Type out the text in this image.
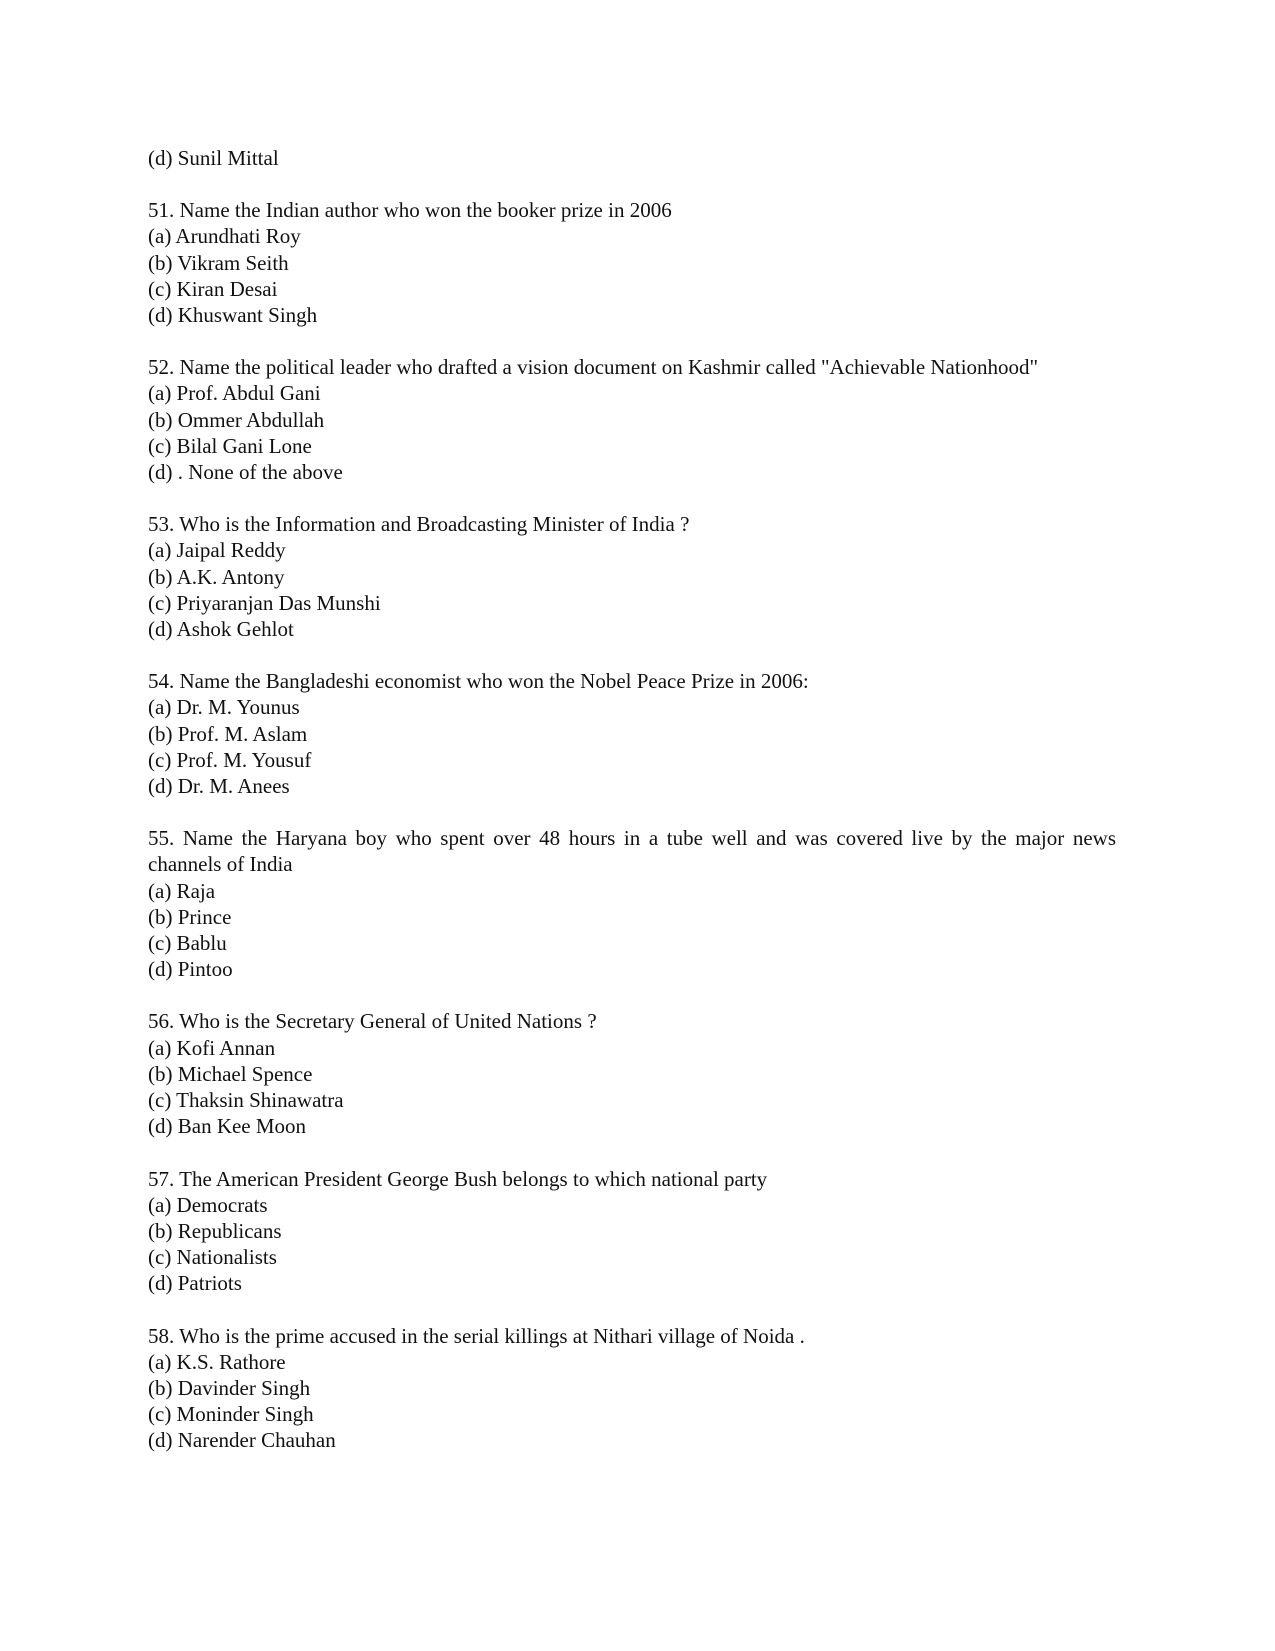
(d) Sunil Mittal
51. Name the Indian author who won the booker prize in 2006
(a) Arundhati Roy
(b) Vikram Seith
(c) Kiran Desai
(d) Khuswant Singh
52. Name the political leader who drafted a vision document on Kashmir called "Achievable Nationhood"
(a) Prof. Abdul Gani
(b) Ommer Abdullah
(c) Bilal Gani Lone
(d) . None of the above
53. Who is the Information and Broadcasting Minister of India ?
(a) Jaipal Reddy
(b) A.K. Antony
(c) Priyaranjan Das Munshi
(d) Ashok Gehlot
54. Name the Bangladeshi economist who won the Nobel Peace Prize in 2006:
(a) Dr. M. Younus
(b) Prof. M. Aslam
(c) Prof. M. Yousuf
(d) Dr. M. Anees
55. Name the Haryana boy who spent over 48 hours in a tube well and was covered live by the major news channels of India
(a) Raja
(b) Prince
(c) Bablu
(d) Pintoo
56. Who is the Secretary General of United Nations ?
(a) Kofi Annan
(b) Michael Spence
(c) Thaksin Shinawatra
(d) Ban Kee Moon
57. The American President George Bush belongs to which national party
(a) Democrats
(b) Republicans
(c) Nationalists
(d) Patriots
58. Who is the prime accused in the serial killings at Nithari village of Noida .
(a) K.S. Rathore
(b) Davinder Singh
(c) Moninder Singh
(d) Narender Chauhan
